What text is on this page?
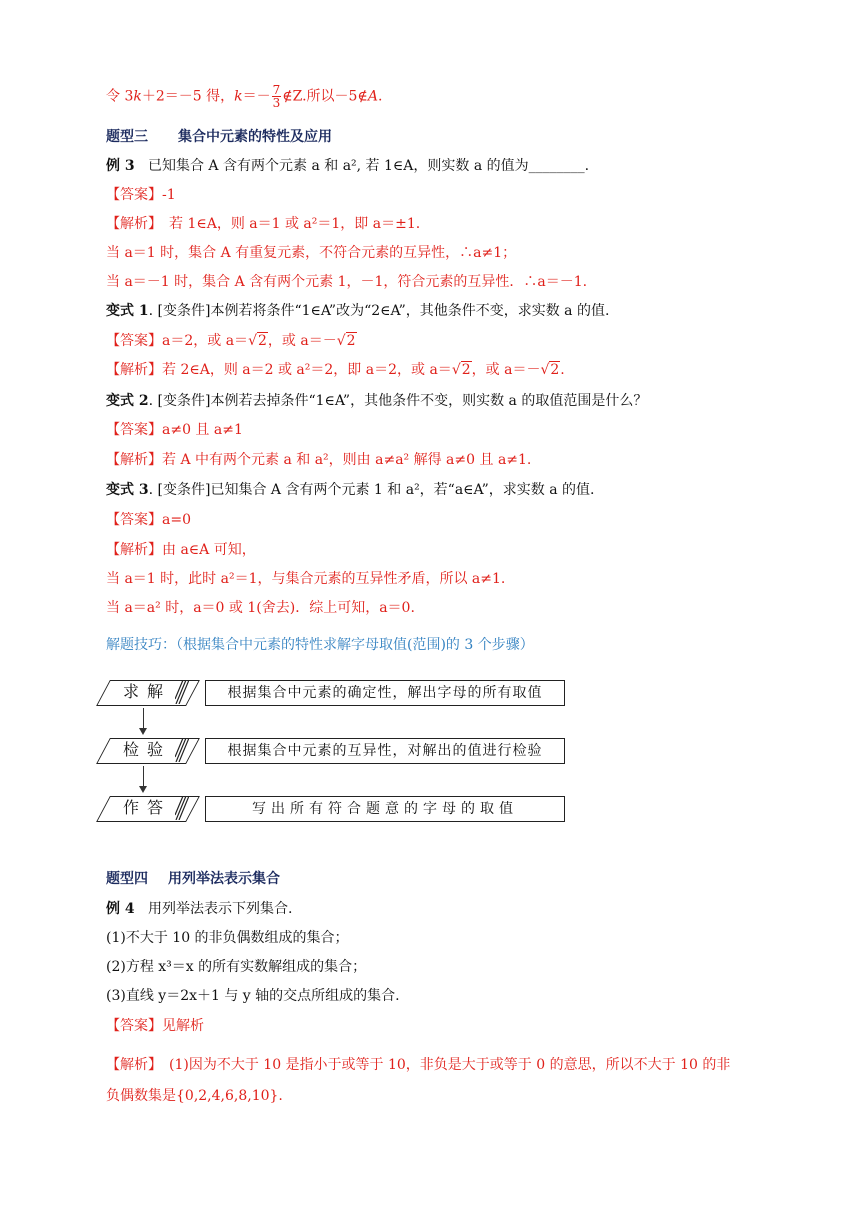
令 3k＋2＝－5 得，$k=- \frac{7}{3}$ ∉Z.所以－5∉A.
题型三 集合中元素的特性及应用
例 3 已知集合 A 含有两个元素 a 和 a², 若 1∈A，则实数 a 的值为________.
【答案】-1
【解析】　若 1∈A，则 a＝1 或 a²＝1，即 a＝±1.
当 a＝1 时，集合 A 有重复元素，不符合元素的互异性，∴a≠1；
当 a＝－1 时，集合 A 含有两个元素 1，－1，符合元素的互异性．∴a＝－1.
变式 1. [变条件]本例若将条件“1∈A”改为“2∈A”，其他条件不变，求实数 a 的值.
【答案】a＝2，或 a＝√2，或 a＝－√2
【解析】若 2∈A，则 a＝2 或 a²＝2，即 a＝2，或 a＝√2，或 a＝－√2.
变式 2. [变条件]本例若去掉条件“1∈A”，其他条件不变，则实数 a 的取值范围是什么？
【答案】a≠0 且 a≠1
【解析】若 A 中有两个元素 a 和 a²，则由 a≠a² 解得 a≠0 且 a≠1.
变式 3. [变条件]已知集合 A 含有两个元素 1 和 a²，若“a∈A”，求实数 a 的值.
【答案】a=0
【解析】由 a∈A 可知，
当 a＝1 时，此时 a²＝1，与集合元素的互异性矛盾，所以 a≠1.
当 a＝a² 时，a＝0 或 1(舍去)．综上可知，a＝0.
解题技巧：（根据集合中元素的特性求解字母取值(范围)的 3 个步骤）
求解	根据集合中元素的确定性，解出字母的所有取值
检验	根据集合中元素的互异性，对解出的值进行检验
作答	写出所有符合题意的字母的取值
题型四 用列举法表示集合
例 4 用列举法表示下列集合.
(1)不大于 10 的非负偶数组成的集合；
(2)方程 x³＝x 的所有实数解组成的集合；
(3)直线 y＝2x＋1 与 y 轴的交点所组成的集合.
【答案】见解析
【解析】　(1)因为不大于 10 是指小于或等于 10，非负是大于或等于 0 的意思，所以不大于 10 的非
负偶数集是{0,2,4,6,8,10}.
